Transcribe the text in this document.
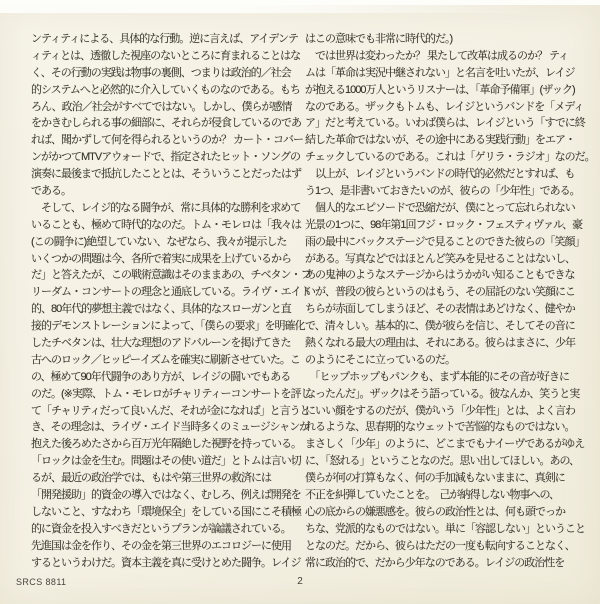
ンティティによる、具体的な行動。逆に言えば、アイデンテ
ィティとは、透徹した視座のないところに育まれることはな
く、その行動の実践は物事の裏側、つまりは政治的／社会
的システムへと必然的に介入していくものなのである。もち
ろん、政治／社会がすべてではない。しかし、僕らが感情
をかきむしられる事の細部に、それらが侵食しているのであ
れば、聞かずして何を得られるというのか？ カート・コバー
ンがかつてMTVアウォードで、指定されたヒット・ソングの
演奏に最後まで抵抗したこととは、そういうことだったはず
である。
　そして、レイジ的なる闘争が、常に具体的な勝利を求めて
いることも、極めて時代的なのだ。トム・モレロは「我々は
(この闘争に)絶望していない、なぜなら、我々が提示した
いくつかの問題は今、各所で着実に成果を上げているから
だ」と答えたが、この戦術意識はそのままあの、チベタン・フ
リーダム・コンサートの理念と通底している。ライヴ・エイド
的、80年代的夢想主義ではなく、具体的なスローガンと直
接的デモンストレーションによって、「僕らの要求」を明確化
したチベタンは、壮大な理想のアドバルーンを掲げてきた
古へのロック／ヒッピーイズムを確実に刷新させていた。こ
の、極めて90年代闘争のあり方が、レイジの闘いでもある
のだ。(※実際、トム・モレロがチャリティーコンサートを評し
て「チャリティだって良いんだ、それが金になれば」と言うと
き、その理念は、ライヴ・エイド当時多くのミュージシャンが
抱えた後ろめたさから百万光年隔絶した視野を持っている。
「ロックは金を生む。問題はその使い道だ」とトムは言い切
るが、最近の政治学では、もはや第三世界の救済には
「開発援助」的資金の導入ではなく、むしろ、例えば開発を
しないこと、すなわち「環境保全」をしている国にこそ積極
的に資金を投入すべきだというプランが論議されている。
先進国は金を作り、その金を第三世界のエコロジーに使用
するというわけだ。資本主義を真に受けとめた闘争。レイジ
はこの意味でも非常に時代的だ。)
　では世界は変わったか？ 果たして改革は成るのか？ ティ
ムは「革命は実況中継されない」と名言を吐いたが、レイジ
が抱える1000万人というリスナーは、「革命予備軍」(ザック)
なのである。ザックもトムも、レイジというバンドを「メディ
ア」だと考えている。いわば僕らは、レイジという「すでに終
結した革命ではないが、その途中にある実践行動」をエア・
チェックしているのである。これは「ゲリラ・ラジオ」なのだ。
　以上が、レイジというバンドの時代的必然だとすれば、も
う1つ、是非書いておきたいのが、彼らの「少年性」である。
　個人的なエピソードで恐縮だが、僕にとって忘れられない
光景の1つに、98年第1回フジ・ロック・フェスティヴァル、豪
雨の最中にバックステージで見ることのできた彼らの「笑顔」
がある。写真などではほとんど笑みを見せることはないし、
あの鬼神のようなステージからはうかがい知ることもできな
いが、普段の彼らというのはもう、その屈託のない笑顔にこ
ちらが赤面してしまうほど、その表情はあどけなく、健やか
で、清々しい。基本的に、僕が彼らを信じ、そしてその音に
熱くなれる最大の理由は、それにある。彼らはまさに、少年
のようにそこに立っているのだ。
　「ヒップホップもパンクも、まず本能的にその音が好きに
なったんだ」。ザックはそう語っている。彼なんか、笑うと実
にいい顔をするのだが、僕がいう「少年性」とは、よく言わ
れるような、思春期的なウェットで苦悩的なものではない。
まさしく「少年」のように、どこまでもナイーヴであるがゆえ
に、「怒れる」ということなのだ。思い出してほしい。あの、
僕らが何の打算もなく、何の手加減もないままに、真剣に
不正を糾弾していたことを。　己が納得しない物事への、
心の底からの嫌悪感を。彼らの政治性とは、何も頭でっか
ちな、党派的なものではない。単に「容認しない」ということ
となのだ。だから、彼らはただの一度も転向することなく、
常に政治的で、だから少年なのである。レイジの政治性を
SRCS 8811	2
